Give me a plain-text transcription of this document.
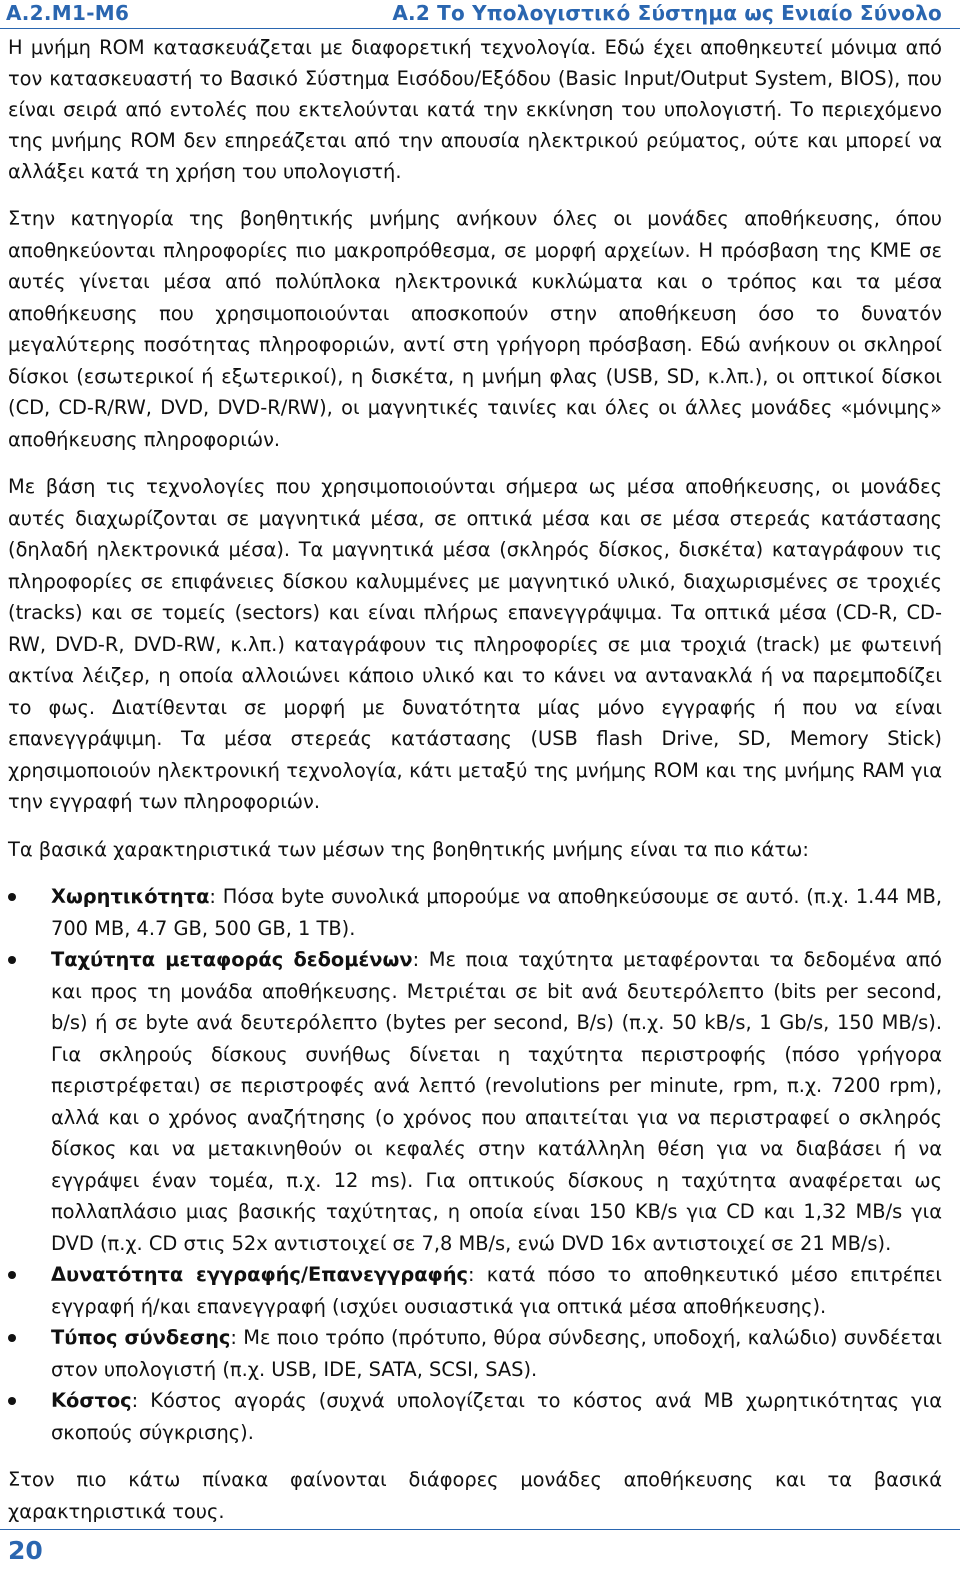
Α.2.Μ1-Μ6	Α.2 Το Υπολογιστικό Σύστημα ως Ενιαίο Σύνολο

Η μνήμη ROM κατασκευάζεται με διαφορετική τεχνολογία. Εδώ έχει αποθηκευτεί μόνιμα από τον κατασκευαστή το Βασικό Σύστημα Εισόδου/Εξόδου (Basic Input/Output System, BIOS), που είναι σειρά από εντολές που εκτελούνται κατά την εκκίνηση του υπολογιστή. Το περιεχόμενο της μνήμης ROM δεν επηρεάζεται από την απουσία ηλεκτρικού ρεύματος, ούτε και μπορεί να αλλάξει κατά τη χρήση του υπολογιστή.

Στην κατηγορία της βοηθητικής μνήμης ανήκουν όλες οι μονάδες αποθήκευσης, όπου αποθηκεύονται πληροφορίες πιο μακροπρόθεσμα, σε μορφή αρχείων. Η πρόσβαση της ΚΜΕ σε αυτές γίνεται μέσα από πολύπλοκα ηλεκτρονικά κυκλώματα και ο τρόπος και τα μέσα αποθήκευσης που χρησιμοποιούνται αποσκοπούν στην αποθήκευση όσο το δυνατόν μεγαλύτερης ποσότητας πληροφοριών, αντί στη γρήγορη πρόσβαση. Εδώ ανήκουν οι σκληροί δίσκοι (εσωτερικοί ή εξωτερικοί), η δισκέτα, η μνήμη φλας (USB, SD, κ.λπ.), οι οπτικοί δίσκοι (CD, CD-R/RW, DVD, DVD-R/RW), οι μαγνητικές ταινίες και όλες οι άλλες μονάδες «μόνιμης» αποθήκευσης πληροφοριών.

Με βάση τις τεχνολογίες που χρησιμοποιούνται σήμερα ως μέσα αποθήκευσης, οι μονάδες αυτές διαχωρίζονται σε μαγνητικά μέσα, σε οπτικά μέσα και σε μέσα στερεάς κατάστασης (δηλαδή ηλεκτρονικά μέσα). Τα μαγνητικά μέσα (σκληρός δίσκος, δισκέτα) καταγράφουν τις πληροφορίες σε επιφάνειες δίσκου καλυμμένες με μαγνητικό υλικό, διαχωρισμένες σε τροχιές (tracks) και σε τομείς (sectors) και είναι πλήρως επανεγγράψιμα. Τα οπτικά μέσα (CD-R, CD-RW, DVD-R, DVD-RW, κ.λπ.) καταγράφουν τις πληροφορίες σε μια τροχιά (track) με φωτεινή ακτίνα λέιζερ, η οποία αλλοιώνει κάποιο υλικό και το κάνει να αντανακλά ή να παρεμποδίζει το φως. Διατίθενται σε μορφή με δυνατότητα μίας μόνο εγγραφής ή που να είναι επανεγγράψιμη. Τα μέσα στερεάς κατάστασης (USB flash Drive, SD, Memory Stick) χρησιμοποιούν ηλεκτρονική τεχνολογία, κάτι μεταξύ της μνήμης ROM και της μνήμης RAM για την εγγραφή των πληροφοριών.

Τα βασικά χαρακτηριστικά των μέσων της βοηθητικής μνήμης είναι τα πιο κάτω:

Χωρητικότητα: Πόσα byte συνολικά μπορούμε να αποθηκεύσουμε σε αυτό. (π.χ. 1.44 MB, 700 MB, 4.7 GB, 500 GB, 1 TB).
Ταχύτητα μεταφοράς δεδομένων: Με ποια ταχύτητα μεταφέρονται τα δεδομένα από και προς τη μονάδα αποθήκευσης. Μετριέται σε bit ανά δευτερόλεπτο (bits per second, b/s) ή σε byte ανά δευτερόλεπτο (bytes per second, B/s) (π.χ. 50 kB/s, 1 Gb/s, 150 MB/s). Για σκληρούς δίσκους συνήθως δίνεται η ταχύτητα περιστροφής (πόσο γρήγορα περιστρέφεται) σε περιστροφές ανά λεπτό (revolutions per minute, rpm, π.χ. 7200 rpm), αλλά και ο χρόνος αναζήτησης (ο χρόνος που απαιτείται για να περιστραφεί ο σκληρός δίσκος και να μετακινηθούν οι κεφαλές στην κατάλληλη θέση για να διαβάσει ή να εγγράψει έναν τομέα, π.χ. 12 ms). Για οπτικούς δίσκους η ταχύτητα αναφέρεται ως πολλαπλάσιο μιας βασικής ταχύτητας, η οποία είναι 150 KB/s για CD και 1,32 MB/s για DVD (π.χ. CD στις 52x αντιστοιχεί σε 7,8 MB/s, ενώ DVD 16x αντιστοιχεί σε 21 MB/s).
Δυνατότητα εγγραφής/Επανεγγραφής: κατά πόσο το αποθηκευτικό μέσο επιτρέπει εγγραφή ή/και επανεγγραφή (ισχύει ουσιαστικά για οπτικά μέσα αποθήκευσης).
Τύπος σύνδεσης: Με ποιο τρόπο (πρότυπο, θύρα σύνδεσης, υποδοχή, καλώδιο) συνδέεται στον υπολογιστή (π.χ. USB, IDE, SATA, SCSI, SAS).
Κόστος: Κόστος αγοράς (συχνά υπολογίζεται το κόστος ανά MB χωρητικότητας για σκοπούς σύγκρισης).

Στον πιο κάτω πίνακα φαίνονται διάφορες μονάδες αποθήκευσης και τα βασικά χαρακτηριστικά τους.

20
